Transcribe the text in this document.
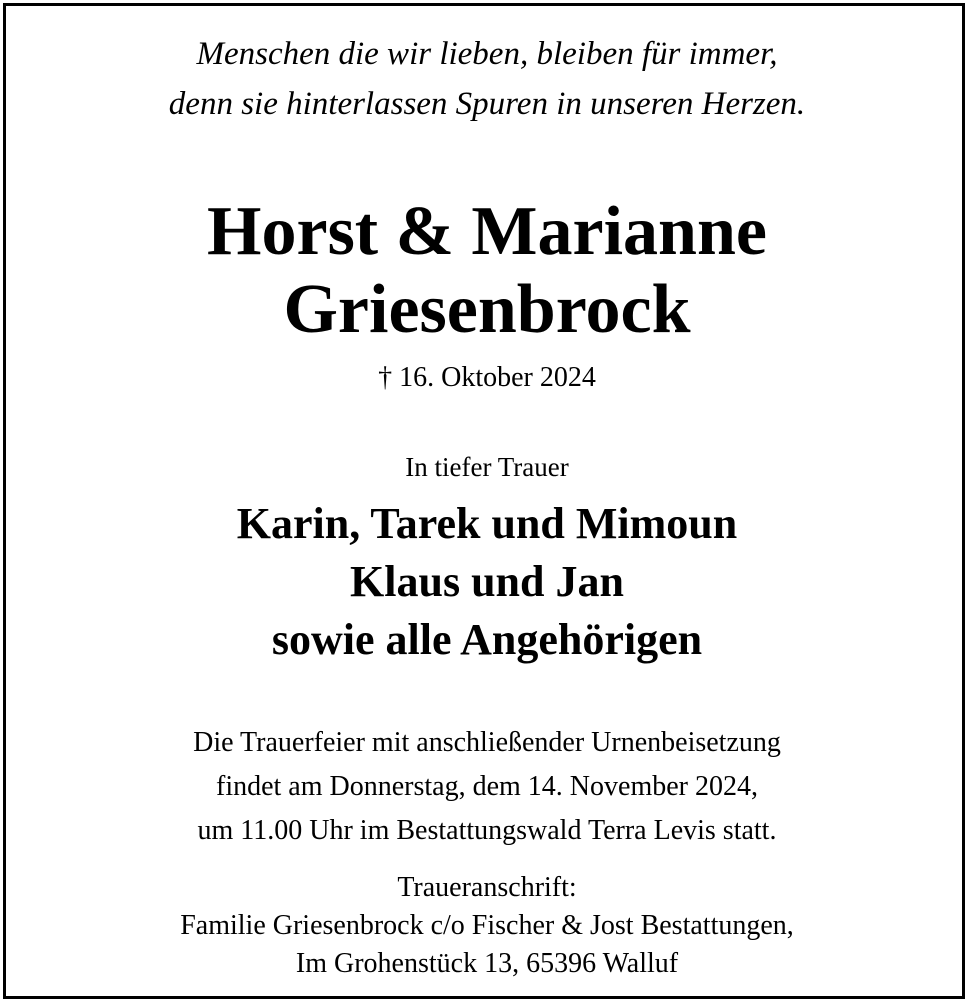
Menschen die wir lieben, bleiben für immer,
denn sie hinterlassen Spuren in unseren Herzen.
Horst & Marianne
Griesenbrock
† 16. Oktober 2024
In tiefer Trauer
Karin, Tarek und Mimoun
Klaus und Jan
sowie alle Angehörigen
Die Trauerfeier mit anschließender Urnenbeisetzung
findet am Donnerstag, dem 14. November 2024,
um 11.00 Uhr im Bestattungswald Terra Levis statt.
Traueranschrift:
Familie Griesenbrock c/o Fischer & Jost Bestattungen,
Im Grohenstück 13, 65396 Walluf
